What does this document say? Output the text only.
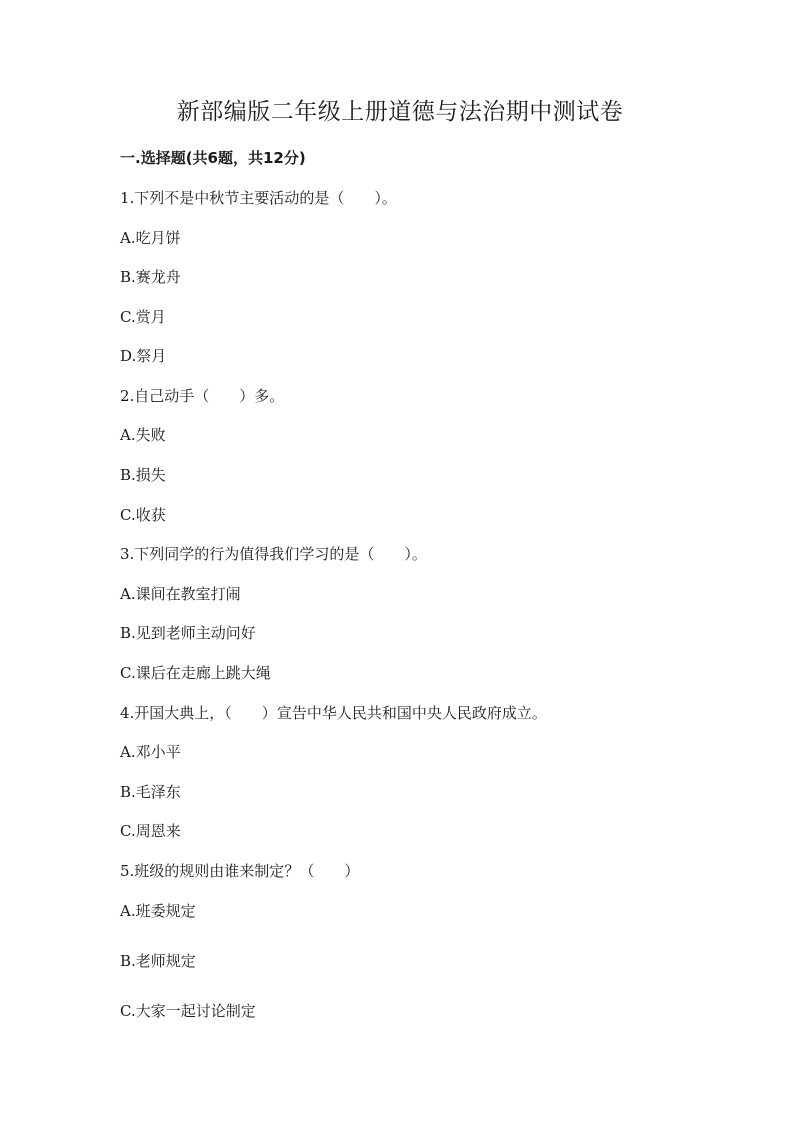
新部编版二年级上册道德与法治期中测试卷
一.选择题(共6题，共12分)
1.下列不是中秋节主要活动的是（　　）。
A.吃月饼
B.赛龙舟
C.赏月
D.祭月
2.自己动手（　　）多。
A.失败
B.损失
C.收获
3.下列同学的行为值得我们学习的是（　　）。
A.课间在教室打闹
B.见到老师主动问好
C.课后在走廊上跳大绳
4.开国大典上，（　　）宣告中华人民共和国中央人民政府成立。
A.邓小平
B.毛泽东
C.周恩来
5.班级的规则由谁来制定？（　　）
A.班委规定
B.老师规定
C.大家一起讨论制定
